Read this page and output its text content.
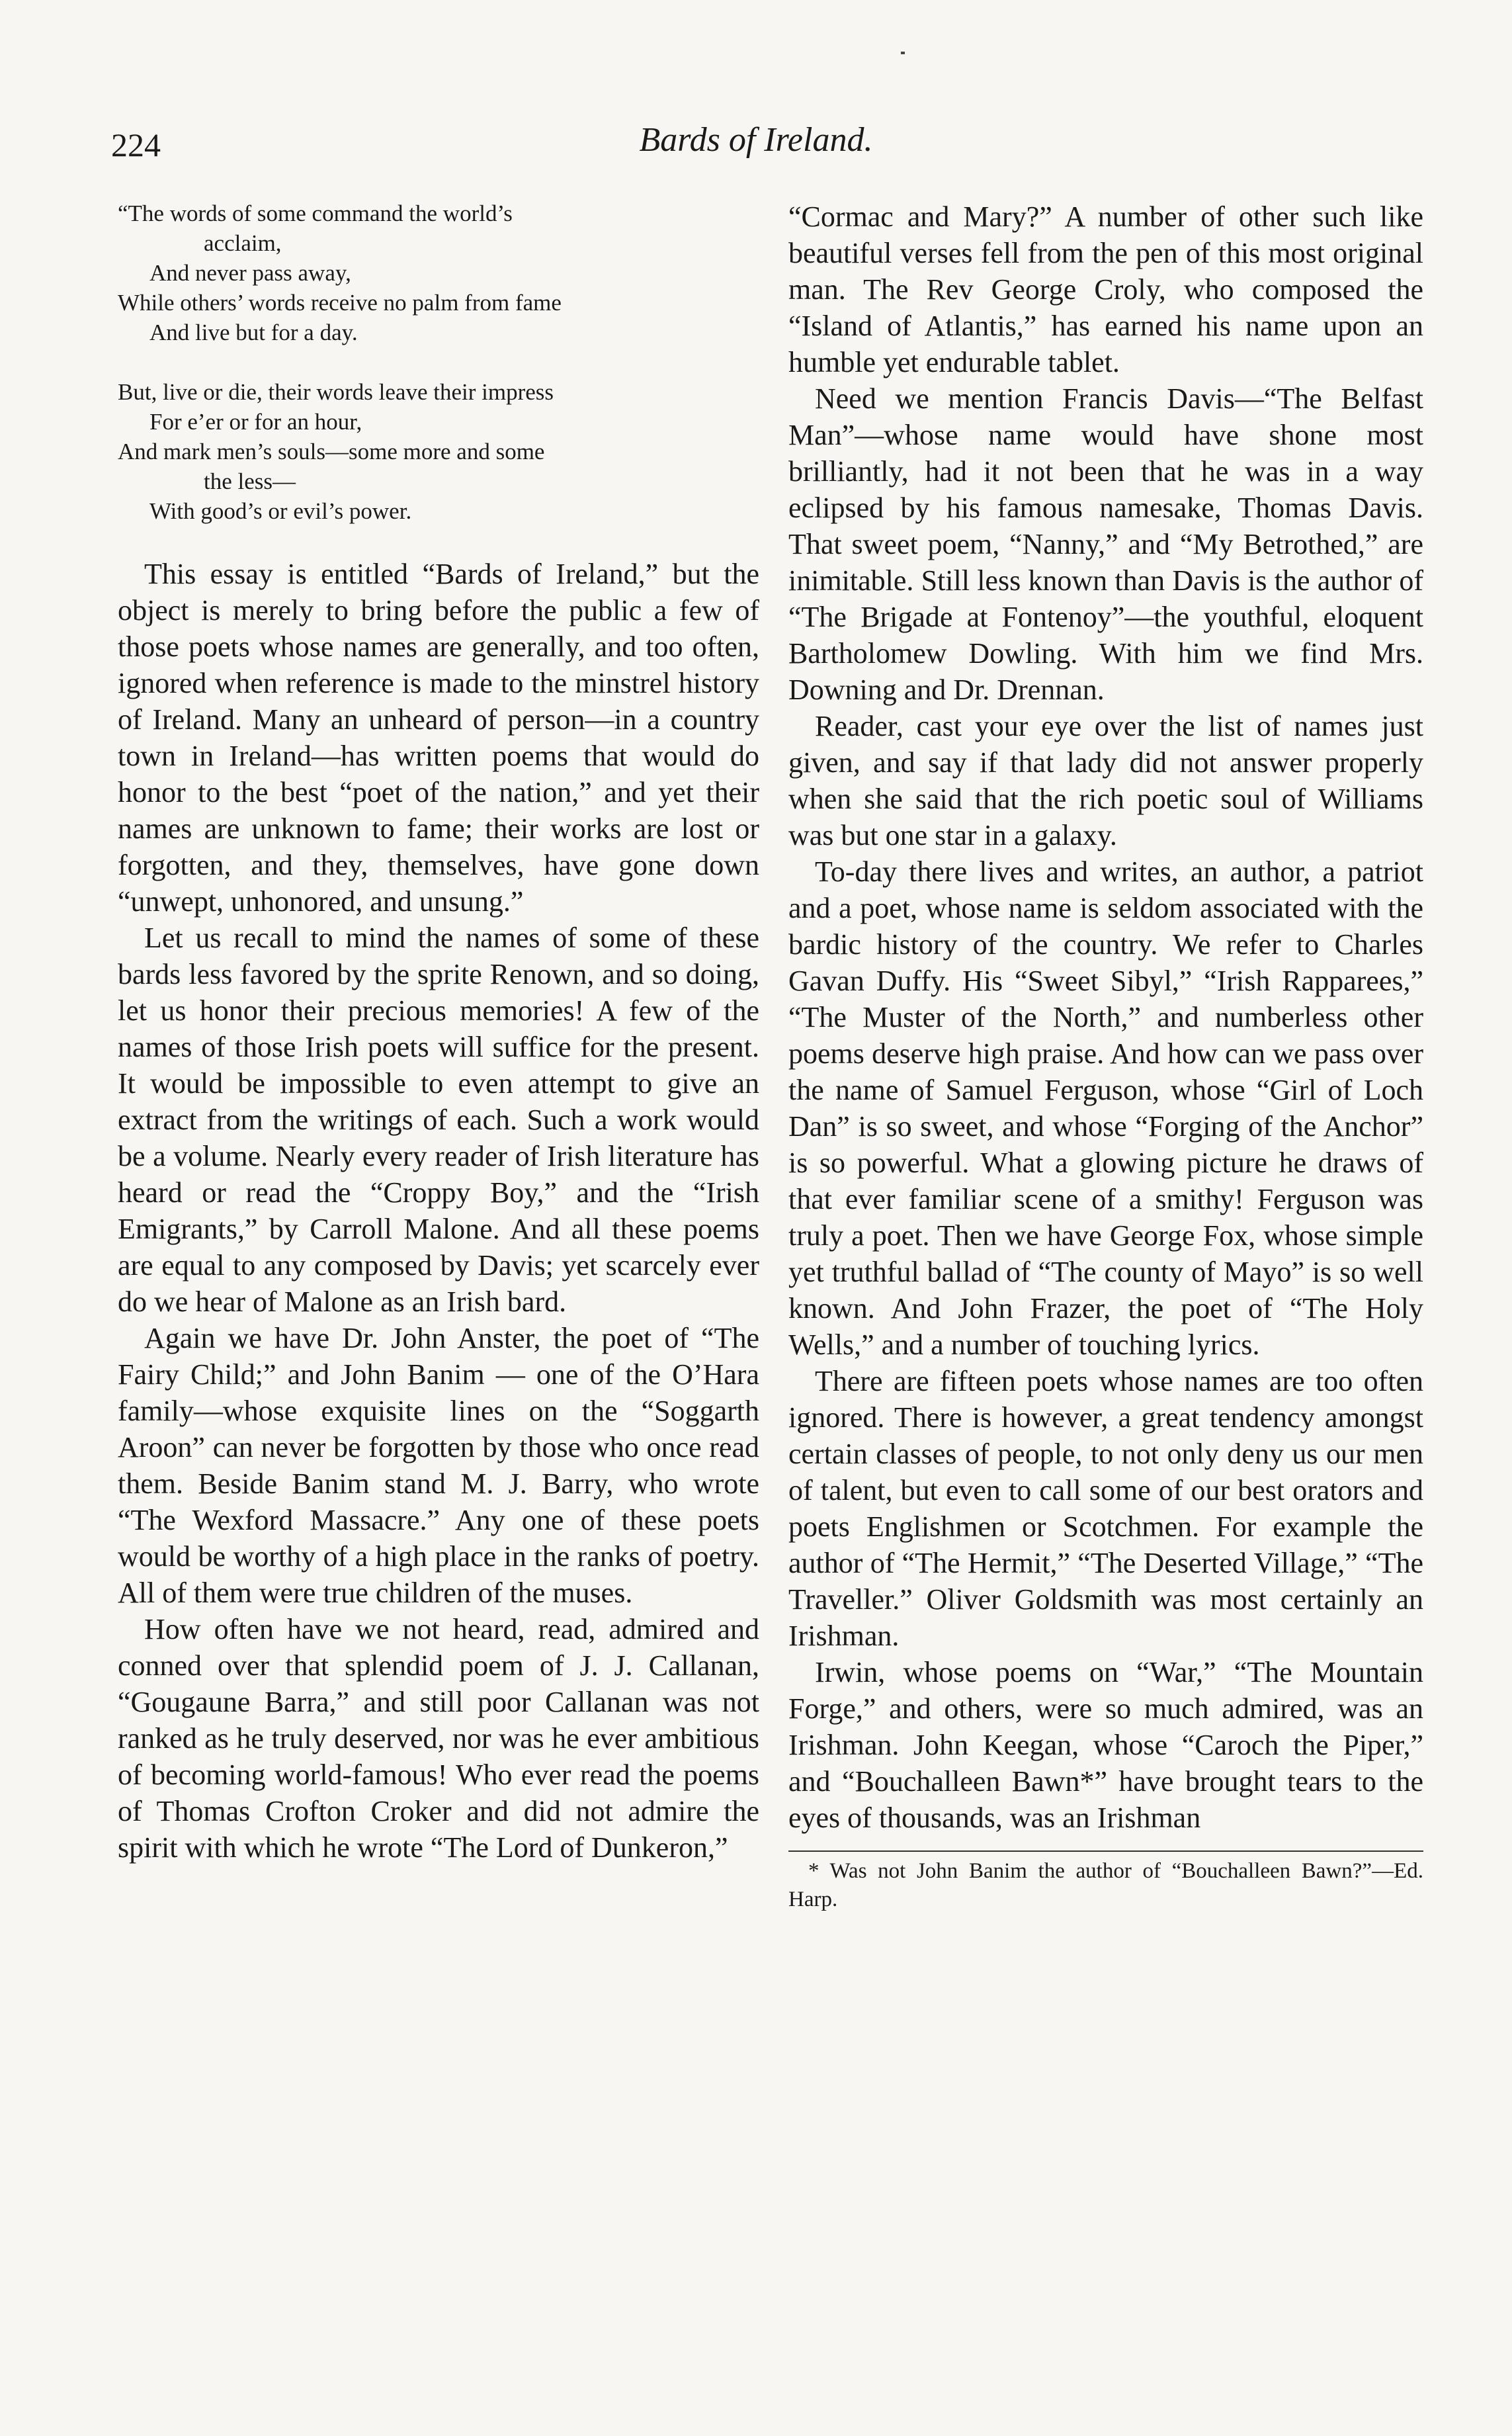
224	Bards of Ireland.
“The words of some command the world’s
acclaim,
And never pass away,
While others’ words receive no palm from fame
And live but for a day.
But, live or die, their words leave their impress
For e’er or for an hour,
And mark men’s souls—some more and some
the less—
With good’s or evil’s power.

This essay is entitled “Bards of Ireland,” but the object is merely to bring before the public a few of those poets whose names are generally, and too often, ignored when reference is made to the minstrel history of Ireland. Many an unheard of person—in a country town in Ireland—has written poems that would do honor to the best “poet of the nation,” and yet their names are unknown to fame; their works are lost or forgotten, and they, themselves, have gone down “unwept, unhonored, and unsung.”

Let us recall to mind the names of some of these bards less favored by the sprite Renown, and so doing, let us honor their precious memories! A few of the names of those Irish poets will suffice for the present. It would be impossible to even attempt to give an extract from the writings of each. Such a work would be a volume. Nearly every reader of Irish literature has heard or read the “Croppy Boy,” and the “Irish Emigrants,” by Carroll Malone. And all these poems are equal to any composed by Davis; yet scarcely ever do we hear of Malone as an Irish bard.

Again we have Dr. John Anster, the poet of “The Fairy Child;” and John Banim — one of the O’Hara family—whose exquisite lines on the “Soggarth Aroon” can never be forgotten by those who once read them. Beside Banim stand M. J. Barry, who wrote “The Wexford Massacre.” Any one of these poets would be worthy of a high place in the ranks of poetry. All of them were true children of the muses.

How often have we not heard, read, admired and conned over that splendid poem of J. J. Callanan, “Gougaune Barra,” and still poor Callanan was not ranked as he truly deserved, nor was he ever ambitious of becoming world-famous! Who ever read the poems of Thomas Crofton Croker and did not admire the spirit with which he wrote “The Lord of Dunkeron,”

“Cormac and Mary?” A number of other such like beautiful verses fell from the pen of this most original man. The Rev George Croly, who composed the “Island of Atlantis,” has earned his name upon an humble yet endurable tablet.

Need we mention Francis Davis—“The Belfast Man”—whose name would have shone most brilliantly, had it not been that he was in a way eclipsed by his famous namesake, Thomas Davis. That sweet poem, “Nanny,” and “My Betrothed,” are inimitable. Still less known than Davis is the author of “The Brigade at Fontenoy”—the youthful, eloquent Bartholomew Dowling. With him we find Mrs. Downing and Dr. Drennan.

Reader, cast your eye over the list of names just given, and say if that lady did not answer properly when she said that the rich poetic soul of Williams was but one star in a galaxy.

To-day there lives and writes, an author, a patriot and a poet, whose name is seldom associated with the bardic history of the country. We refer to Charles Gavan Duffy. His “Sweet Sibyl,” “Irish Rapparees,” “The Muster of the North,” and numberless other poems deserve high praise. And how can we pass over the name of Samuel Ferguson, whose “Girl of Loch Dan” is so sweet, and whose “Forging of the Anchor” is so powerful. What a glowing picture he draws of that ever familiar scene of a smithy! Ferguson was truly a poet. Then we have George Fox, whose simple yet truthful ballad of “The county of Mayo” is so well known. And John Frazer, the poet of “The Holy Wells,” and a number of touching lyrics.

There are fifteen poets whose names are too often ignored. There is however, a great tendency amongst certain classes of people, to not only deny us our men of talent, but even to call some of our best orators and poets Englishmen or Scotchmen. For example the author of “The Hermit,” “The Deserted Village,” “The Traveller.” Oliver Goldsmith was most certainly an Irishman.

Irwin, whose poems on “War,” “The Mountain Forge,” and others, were so much admired, was an Irishman. John Keegan, whose “Caroch the Piper,” and “Bouchalleen Bawn*” have brought tears to the eyes of thousands, was an Irishman

* Was not John Banim the author of “Bouchalleen Bawn?”—Ed. Harp.
